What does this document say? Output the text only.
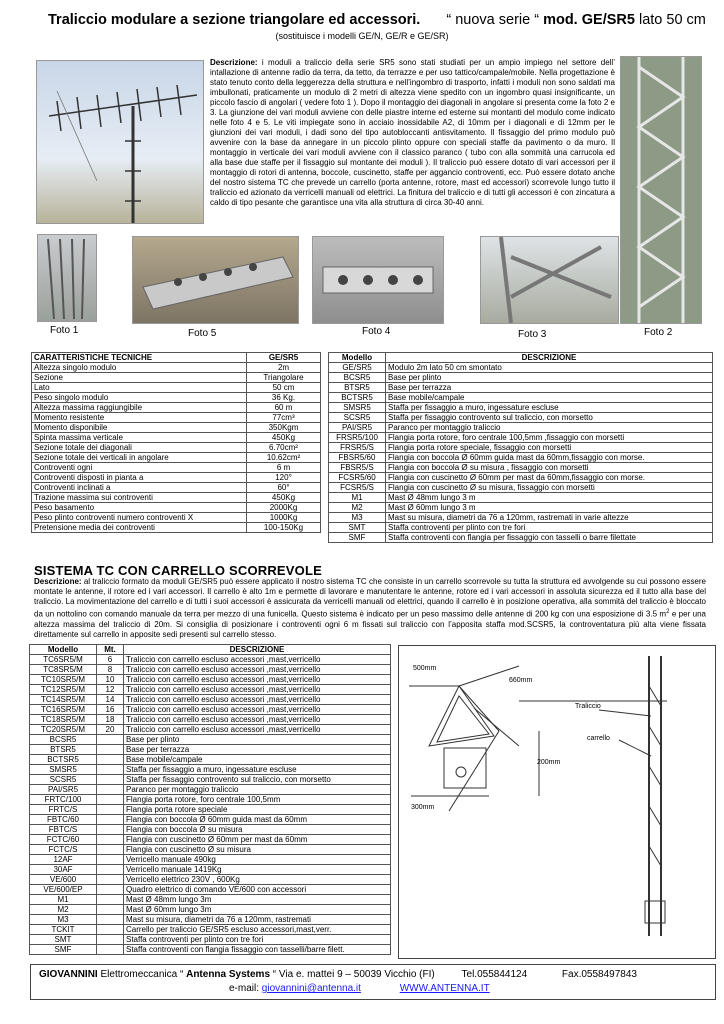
Traliccio modulare a sezione triangolare ed accessori. “ nuova serie “ mod. GE/SR5 lato 50 cm
(sostituisce i modelli GE/N, GE/R e GE/SR)
Descrizione: i moduli a traliccio della serie SR5 sono stati studiati per un ampio impiego nel settore dell’ intallazione di antenne radio da terra, da tetto, da terrazze e per uso tattico/campale/mobile. Nella progettazione è stato tenuto conto della leggerezza della struttura e nell’ingombro di trasporto, infatti i moduli non sono saldati ma imbullonati, praticamente un modulo di 2 metri di altezza viene spedito con un ingombro quasi insignificante, un piccolo fascio di angolari ( vedere foto 1 ). Dopo il montaggio dei diagonali in angolare si presenta come la foto 2 e 3. La giunzione dei vari moduli avviene con delle piastre interne ed esterne sui montanti del modulo come indicato nelle foto 4 e 5. Le viti impiegate sono in acciaio inossidabile A2, di 10mm per i diagonali e di 12mm per le giunzioni dei vari moduli, i dadi sono del tipo autobloccanti antisvitamento. Il fissaggio del primo modulo può avvenire con la base da annegare in un piccolo plinto oppure con speciali staffe da pavimento o da muro. Il montaggio in verticale dei vari moduli avviene con il classico paranco ( tubo con alla sommità una carrucola ed alla base due staffe per il fissaggio sul montante dei moduli ). Il traliccio può essere dotato di vari accessori per il montaggio di rotori di antenna, boccole, cuscinetto, staffe per aggancio controventi, ecc. Può essere dotato anche del nostro sistema TC che prevede un carrello (porta antenne, rotore, mast ed accessori) scorrevole lungo tutto il traliccio ed azionato da verricelli manuali od elettrici. La finitura del traliccio e di tutti gli accessori è con zincatura a caldo di tipo pesante che garantisce una vita alla struttura di circa 30-40 anni.
Foto 1	Foto 5	Foto 4	Foto 3	Foto 2
CARATTERISTICHE TECNICHE	GE/SR5
Altezza singolo modulo	2m
Sezione	Triangolare
Lato	50 cm
Peso singolo modulo	36 Kg.
Altezza massima raggiungibile	60 m
Momento resistente	77cm³
Momento disponibile	350Kgm
Spinta massima verticale	450Kg
Sezione totale dei diagonali	6.70cm²
Sezione totale dei verticali in angolare	10.62cm²
Controventi ogni	6 m
Controventi disposti in pianta a	120°
Controventi inclinati a	60°
Trazione massima sui controventi	450Kg
Peso basamento	2000Kg
Peso plinto controventi numero controventi X	1000Kg
Pretensione media dei controventi	100-150Kg
Modello	DESCRIZIONE
GE/SR5	Modulo 2m lato 50 cm smontato
BCSR5	Base per plinto
BTSR5	Base per terrazza
BCTSR5	Base mobile/campale
SMSR5	Staffa per fissaggio a muro, ingessature escluse
SCSR5	Staffa per fissaggio controvento sul traliccio, con morsetto
PAI/SR5	Paranco per montaggio traliccio
FRSR5/100	Flangia porta rotore, foro centrale 100,5mm ,fissaggio con morsetti
FRSR5/S	Flangia porta rotore speciale, fissaggio con morsetti
FBSR5/60	Flangia con boccola Ø 60mm guida mast da 60mm,fissaggio con morse.
FBSR5/S	Flangia con boccola Ø su misura , fissaggio con morsetti
FCSR5/60	Flangia con cuscinetto Ø 60mm per mast da 60mm,fissaggio con morse.
FCSR5/S	Flangia con cuscinetto Ø su misura, fissaggio con morsetti
M1	Mast Ø 48mm lungo 3 m
M2	Mast Ø 60mm lungo 3 m
M3	Mast su misura, diametri da 76 a 120mm, rastremati in varie altezze
SMT	Staffa controventi per plinto con tre fori
SMF	Staffa controventi con flangia per fissaggio con tasselli o barre filettate
SISTEMA TC CON CARRELLO SCORREVOLE
Descrizione: al traliccio formato da moduli GE/SR5 può essere applicato il nostro sistema TC che consiste in un carrello scorrevole su tutta la struttura ed avvolgende su cui possono essere montate le antenne, il rotore ed i vari accessori. Il carrello è alto 1m e permette di lavorare e manutentare le antenne, rotore ed i vari accessori in assoluta sicurezza ed il tutto alla base del traliccio. La movimentazione del carrello e di tutti i suoi accessori è assicurata da verricelli manuali od elettrici, quando il carrello è in posizione operativa, alla sommità del traliccio è bloccato da un nottolino con comando manuale da terra per mezzo di una funicella. Questo sistema è indicato per un peso massimo delle antenne di 200 kg con una esposizione di 3.5 $m^2$ e per una altezza massima del traliccio di 20m. Si consiglia di posizionare i controventi ogni 6 m fissati sul traliccio con l’apposita staffa mod.SCSR5, la controventatura più alta viene fissata direttamente sul carrello in apposite sedi presenti sul carrello stesso.
Modello	Mt.	DESCRIZIONE
TC6SR5/M	6	Traliccio con carrello escluso accessori ,mast,verricello
TC8SR5/M	8	Traliccio con carrello escluso accessori ,mast,verricello
TC10SR5/M	10	Traliccio con carrello escluso accessori ,mast,verricello
TC12SR5/M	12	Traliccio con carrello escluso accessori ,mast,verricello
TC14SR5/M	14	Traliccio con carrello escluso accessori ,mast,verricello
TC16SR5/M	16	Traliccio con carrello escluso accessori ,mast,verricello
TC18SR5/M	18	Traliccio con carrello escluso accessori ,mast,verricello
TC20SR5/M	20	Traliccio con carrello escluso accessori ,mast,verricello
BCSR5		Base per plinto
BTSR5		Base per terrazza
BCTSR5		Base mobile/campale
SMSR5		Staffa per fissaggio a muro, ingessature escluse
SCSR5		Staffa per fissaggio controvento sul traliccio, con morsetto
PAI/SR5		Paranco per montaggio traliccio
FRTC/100		Flangia porta rotore, foro centrale 100,5mm
FRTC/S		Flangia porta rotore speciale
FBTC/60		Flangia con boccola Ø 60mm guida mast da 60mm
FBTC/S		Flangia con boccola Ø su misura
FCTC/60		Flangia con cuscinetto Ø 60mm per mast da 60mm
FCTC/S		Flangia con cuscinetto Ø su misura
12AF		Verricello manuale 490kg
30AF		Verricello manuale 1419Kg
VE/600		Verricello elettrico 230V , 600Kg
VE/600/EP		Quadro elettrico di comando VE/600 con accessori
M1		Mast Ø 48mm lungo 3m
M2		Mast Ø 60mm lungo 3m
M3		Mast su misura, diametri da 76 a 120mm, rastremati
TCKIT		Carrello per traliccio GE/SR5 escluso accessori,mast,verr.
SMT		Staffa controventi per plinto con tre fori
SMF		Staffa controventi con flangia fissaggio con tasselli/barre filett.
500mm
660mm
200mm
300mm
Traliccio
carrello
GIOVANNINI Elettromeccanica “ Antenna Systems “ Via e. mattei 9 – 50039 Vicchio (FI)	Tel.055844124	Fax.0558497843
e-mail: giovannini@antenna.it	WWW.ANTENNA.IT
